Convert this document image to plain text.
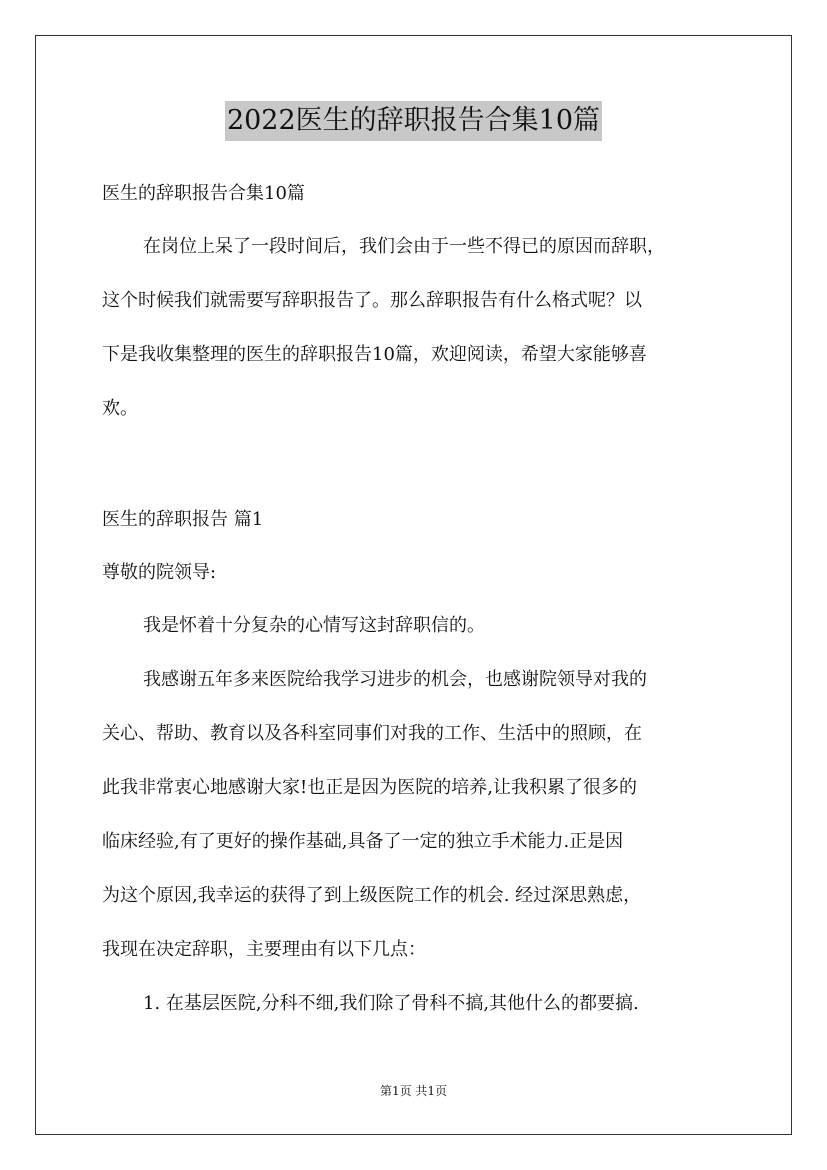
2022医生的辞职报告合集10篇
医生的辞职报告合集10篇
在岗位上呆了一段时间后，我们会由于一些不得已的原因而辞职，
这个时候我们就需要写辞职报告了。那么辞职报告有什么格式呢？以
下是我收集整理的医生的辞职报告10篇，欢迎阅读，希望大家能够喜
欢。
医生的辞职报告 篇1
尊敬的院领导:
我是怀着十分复杂的心情写这封辞职信的。
我感谢五年多来医院给我学习进步的机会，也感谢院领导对我的
关心、帮助、教育以及各科室同事们对我的工作、生活中的照顾，在
此我非常衷心地感谢大家!也正是因为医院的培养,让我积累了很多的
临床经验,有了更好的操作基础,具备了一定的独立手术能力.正是因
为这个原因,我幸运的获得了到上级医院工作的机会. 经过深思熟虑，
我现在决定辞职，主要理由有以下几点：
1. 在基层医院,分科不细,我们除了骨科不搞,其他什么的都要搞.
第1页 共1页
